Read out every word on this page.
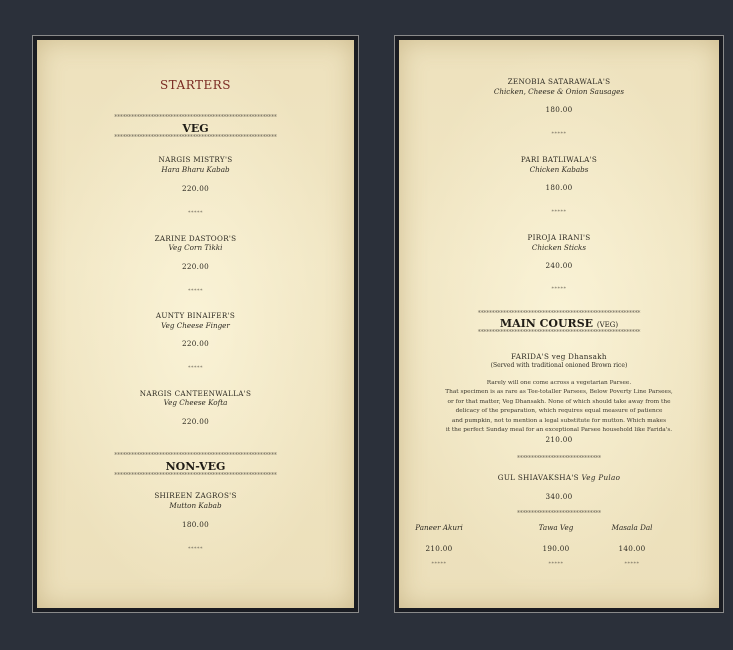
STARTERS
**********************************************************
VEG
**********************************************************
NARGIS MISTRY'S
Hara Bharu Kabab
220.00
*****
ZARINE DASTOOR'S
Veg Corn Tikki
220.00
*****
AUNTY BINAIFER'S
Veg Cheese Finger
220.00
*****
NARGIS CANTEENWALLA'S
Veg Cheese Kofta
220.00
**********************************************************
NON-VEG
**********************************************************
SHIREEN ZAGROS'S
Mutton Kabab
180.00
*****
ZENOBIA SATARAWALA'S
Chicken, Cheese & Onion Sausages
180.00
*****
PARI BATLIWALA'S
Chicken Kababs
180.00
*****
PIROJA IRANI'S
Chicken Sticks
240.00
*****
**********************************************************
MAIN COURSE (VEG)
**********************************************************
FARIDA'S veg Dhansakh
(Served with traditional onioned Brown rice)
Rarely will one come across a vegetarian Parsee.
That specimen is as rare as Tee-totaller Parsees, Below Poverty Line Parsees,
or for that matter, Veg Dhansakh. None of which should take away from the
delicacy of the preparation, which requires equal measure of patience
and pumpkin, not to mention a legal substitute for mutton. Which makes
it the perfect Sunday meal for an exceptional Parsee household like Farida's.
210.00
******************************
GUL SHIAVAKSHA'S Veg Pulao
340.00
******************************
Paneer Akuri
210.00
*****
Tawa Veg
190.00
*****
Masala Dal
140.00
*****
